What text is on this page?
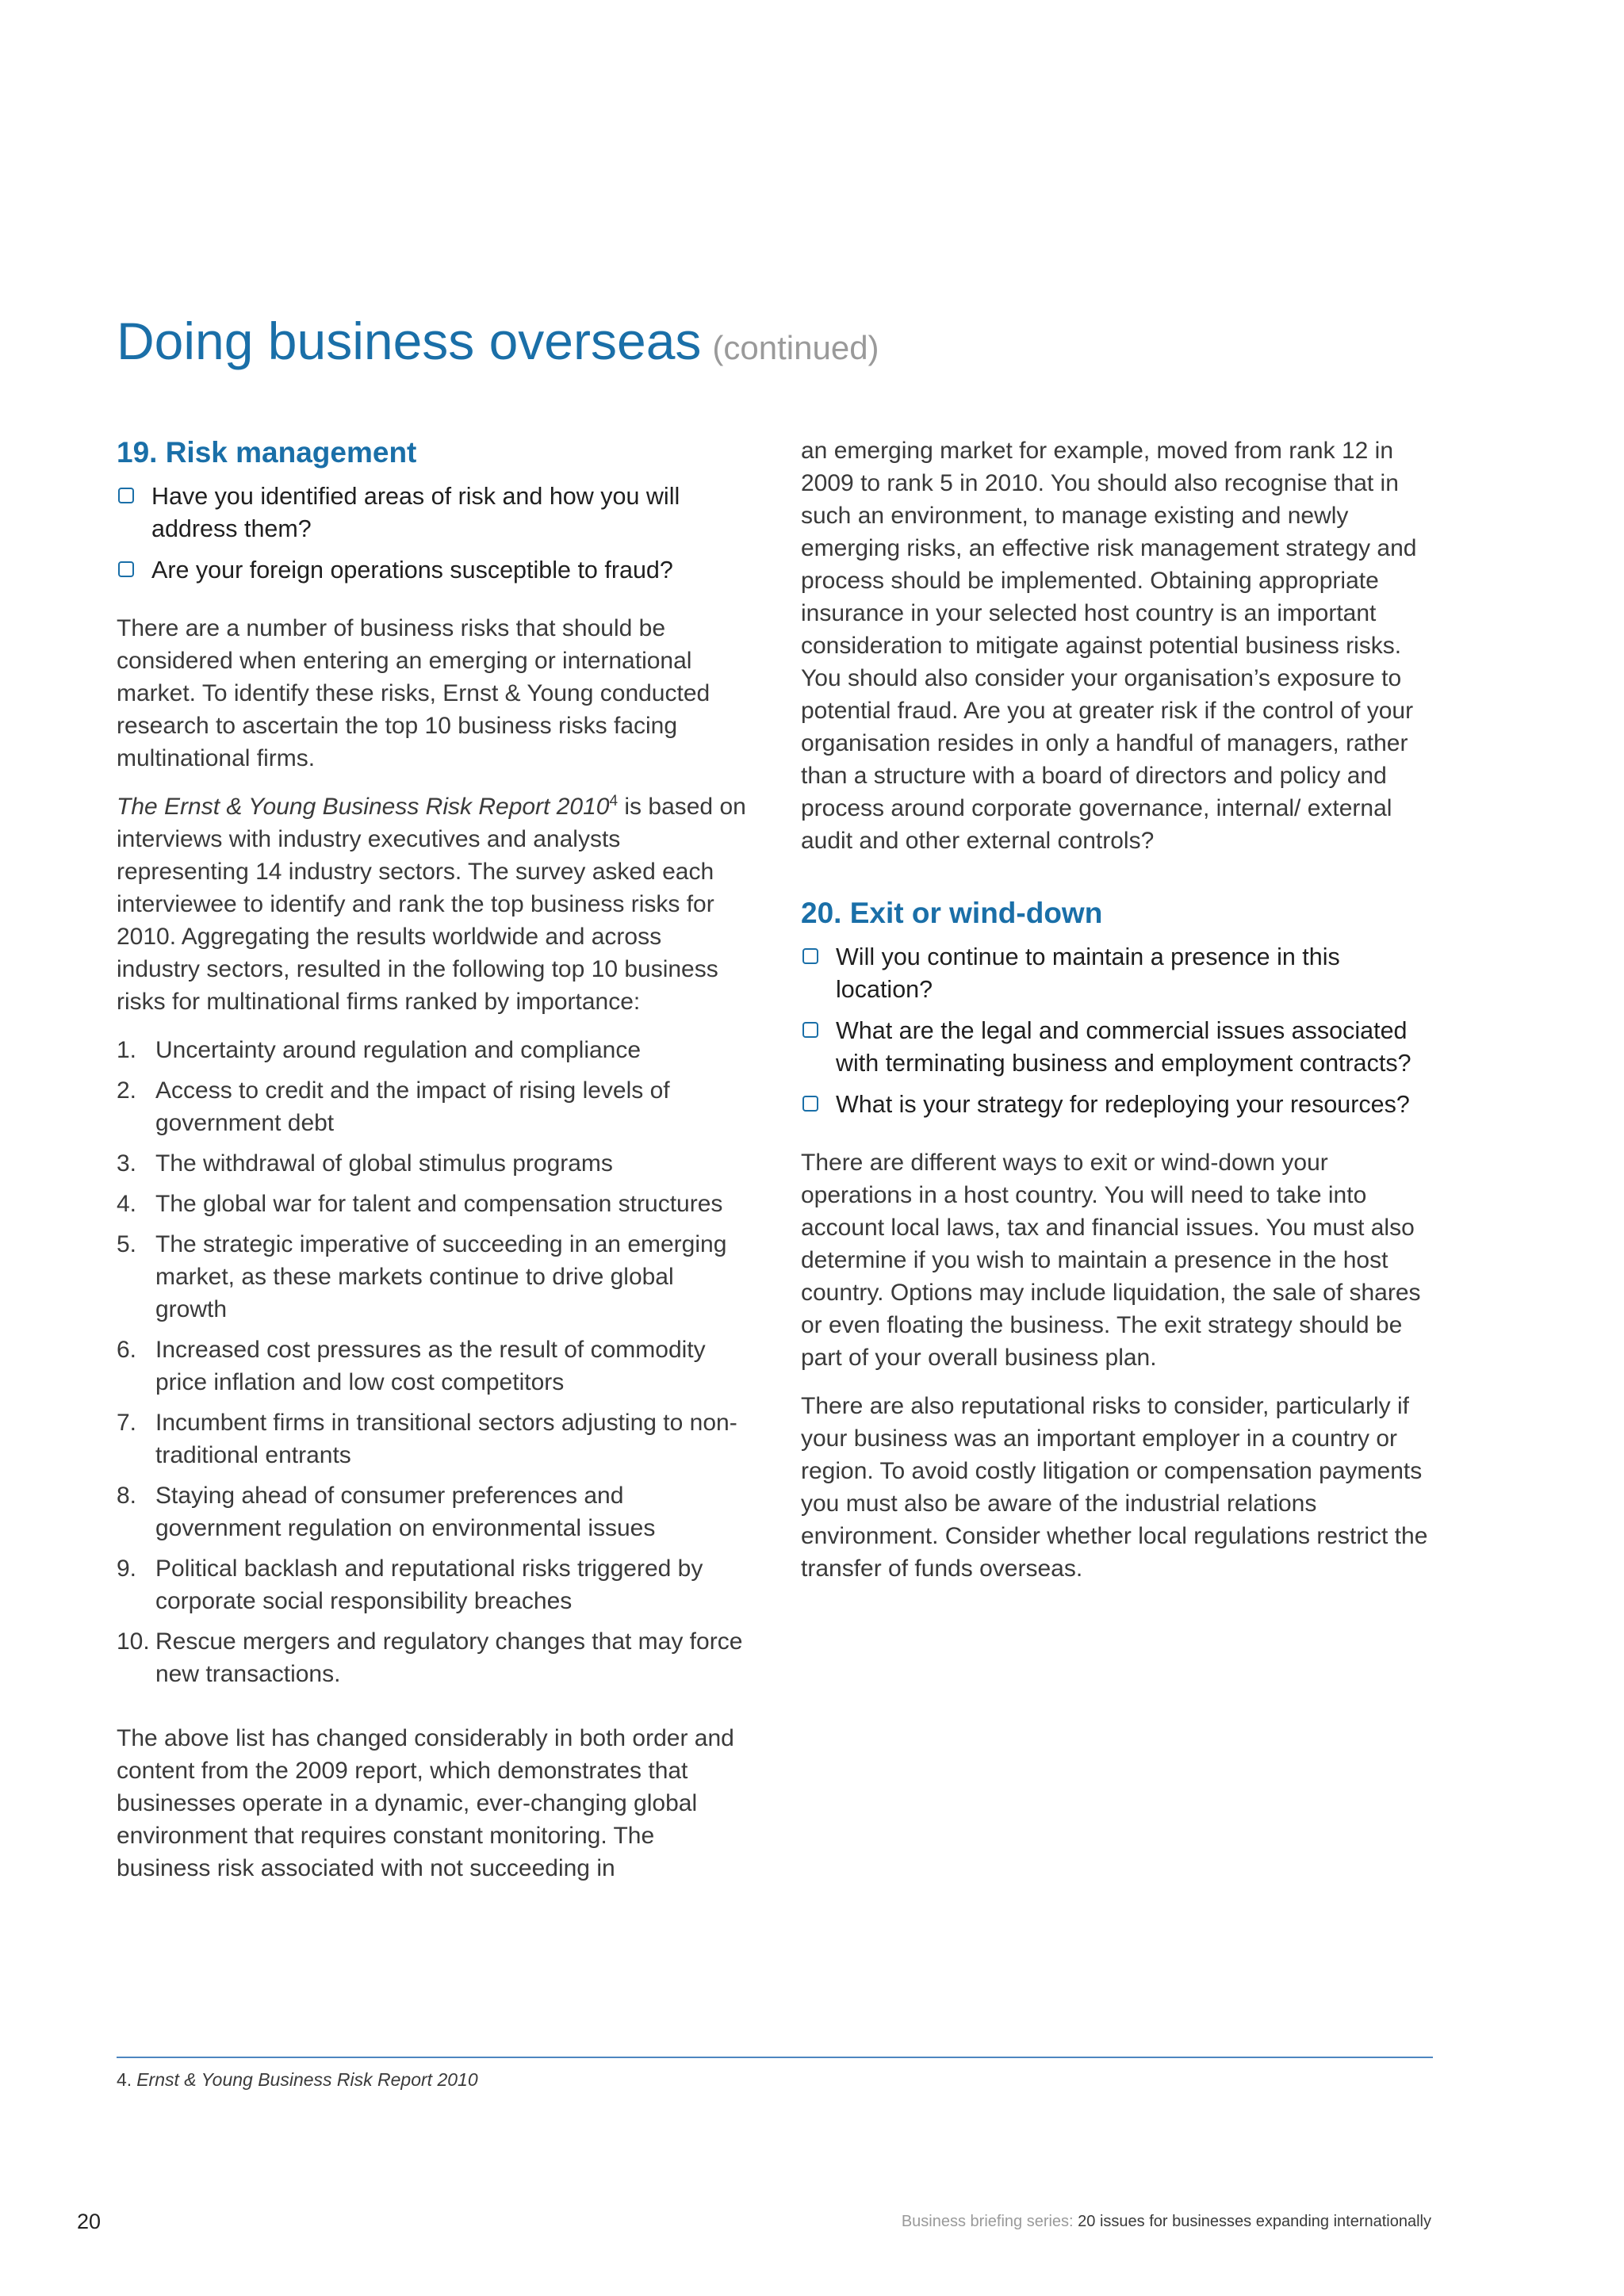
Doing business overseas (continued)
19. Risk management
Have you identified areas of risk and how you will address them?
Are your foreign operations susceptible to fraud?

There are a number of business risks that should be considered when entering an emerging or international market. To identify these risks, Ernst & Young conducted research to ascertain the top 10 business risks facing multinational firms.

The Ernst & Young Business Risk Report 2010$^4$ is based on interviews with industry executives and analysts representing 14 industry sectors. The survey asked each interviewee to identify and rank the top business risks for 2010. Aggregating the results worldwide and across industry sectors, resulted in the following top 10 business risks for multinational firms ranked by importance:

1. Uncertainty around regulation and compliance
2. Access to credit and the impact of rising levels of government debt
3. The withdrawal of global stimulus programs
4. The global war for talent and compensation structures
5. The strategic imperative of succeeding in an emerging market, as these markets continue to drive global growth
6. Increased cost pressures as the result of commodity price inflation and low cost competitors
7. Incumbent firms in transitional sectors adjusting to non-traditional entrants
8. Staying ahead of consumer preferences and government regulation on environmental issues
9. Political backlash and reputational risks triggered by corporate social responsibility breaches
10. Rescue mergers and regulatory changes that may force new transactions.

The above list has changed considerably in both order and content from the 2009 report, which demonstrates that businesses operate in a dynamic, ever-changing global environment that requires constant monitoring. The business risk associated with not succeeding in

an emerging market for example, moved from rank 12 in 2009 to rank 5 in 2010. You should also recognise that in such an environment, to manage existing and newly emerging risks, an effective risk management strategy and process should be implemented. Obtaining appropriate insurance in your selected host country is an important consideration to mitigate against potential business risks.

You should also consider your organisation’s exposure to potential fraud. Are you at greater risk if the control of your organisation resides in only a handful of managers, rather than a structure with a board of directors and policy and process around corporate governance, internal/ external audit and other external controls?

20. Exit or wind-down
Will you continue to maintain a presence in this location?
What are the legal and commercial issues associated with terminating business and employment contracts?
What is your strategy for redeploying your resources?

There are different ways to exit or wind-down your operations in a host country. You will need to take into account local laws, tax and financial issues. You must also determine if you wish to maintain a presence in the host country. Options may include liquidation, the sale of shares or even floating the business. The exit strategy should be part of your overall business plan.

There are also reputational risks to consider, particularly if your business was an important employer in a country or region. To avoid costly litigation or compensation payments you must also be aware of the industrial relations environment. Consider whether local regulations restrict the transfer of funds overseas.

4. Ernst & Young Business Risk Report 2010
20	Business briefing series: 20 issues for businesses expanding internationally
